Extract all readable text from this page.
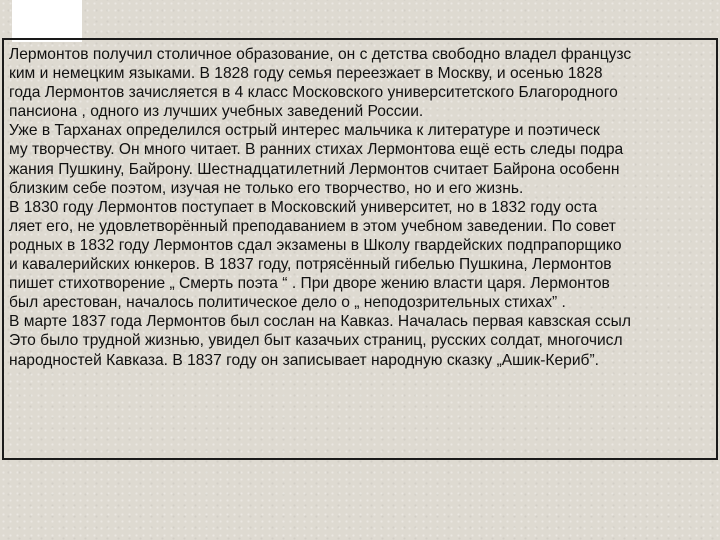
Лермонтов получил столичное образование, он с детства свободно владел французс
ким и немецким языками. В 1828 году семья переезжает в Москву, и осенью 1828
года Лермонтов зачисляется в 4 класс Московского университетского Благородного
пансиона , одного из лучших учебных заведений России.
Уже в Тарханах определился острый интерес мальчика к литературе и поэтическ
му творчеству. Он много читает. В ранних стихах Лермонтова ещё есть следы подра
жания Пушкину, Байрону. Шестнадцатилетний Лермонтов считает Байрона особенн
близким себе поэтом, изучая не только его творчество, но и его жизнь.
В 1830 году Лермонтов поступает в Московский университет, но в 1832 году оста
ляет его, не удовлетворённый преподаванием в этом учебном заведении. По совет
родных в 1832 году Лермонтов сдал экзамены в Школу гвардейских подпрапорщико
и кавалерийских юнкеров. В 1837 году, потрясённый гибелью Пушкина, Лермонтов
пишет стихотворение „ Смерть поэта “ . При дворе жению власти царя. Лермонтов
был арестован, началось политическое дело о „ неподозрительных стихах” .
В марте 1837 года Лермонтов был сослан на Кавказ. Началась первая кавзская ссыл
Это было трудной жизнью, увидел быт казачьих страниц, русских солдат, многочисл
народностей Кавказа. В 1837 году он записывает народную сказку „Ашик-Кериб”.
